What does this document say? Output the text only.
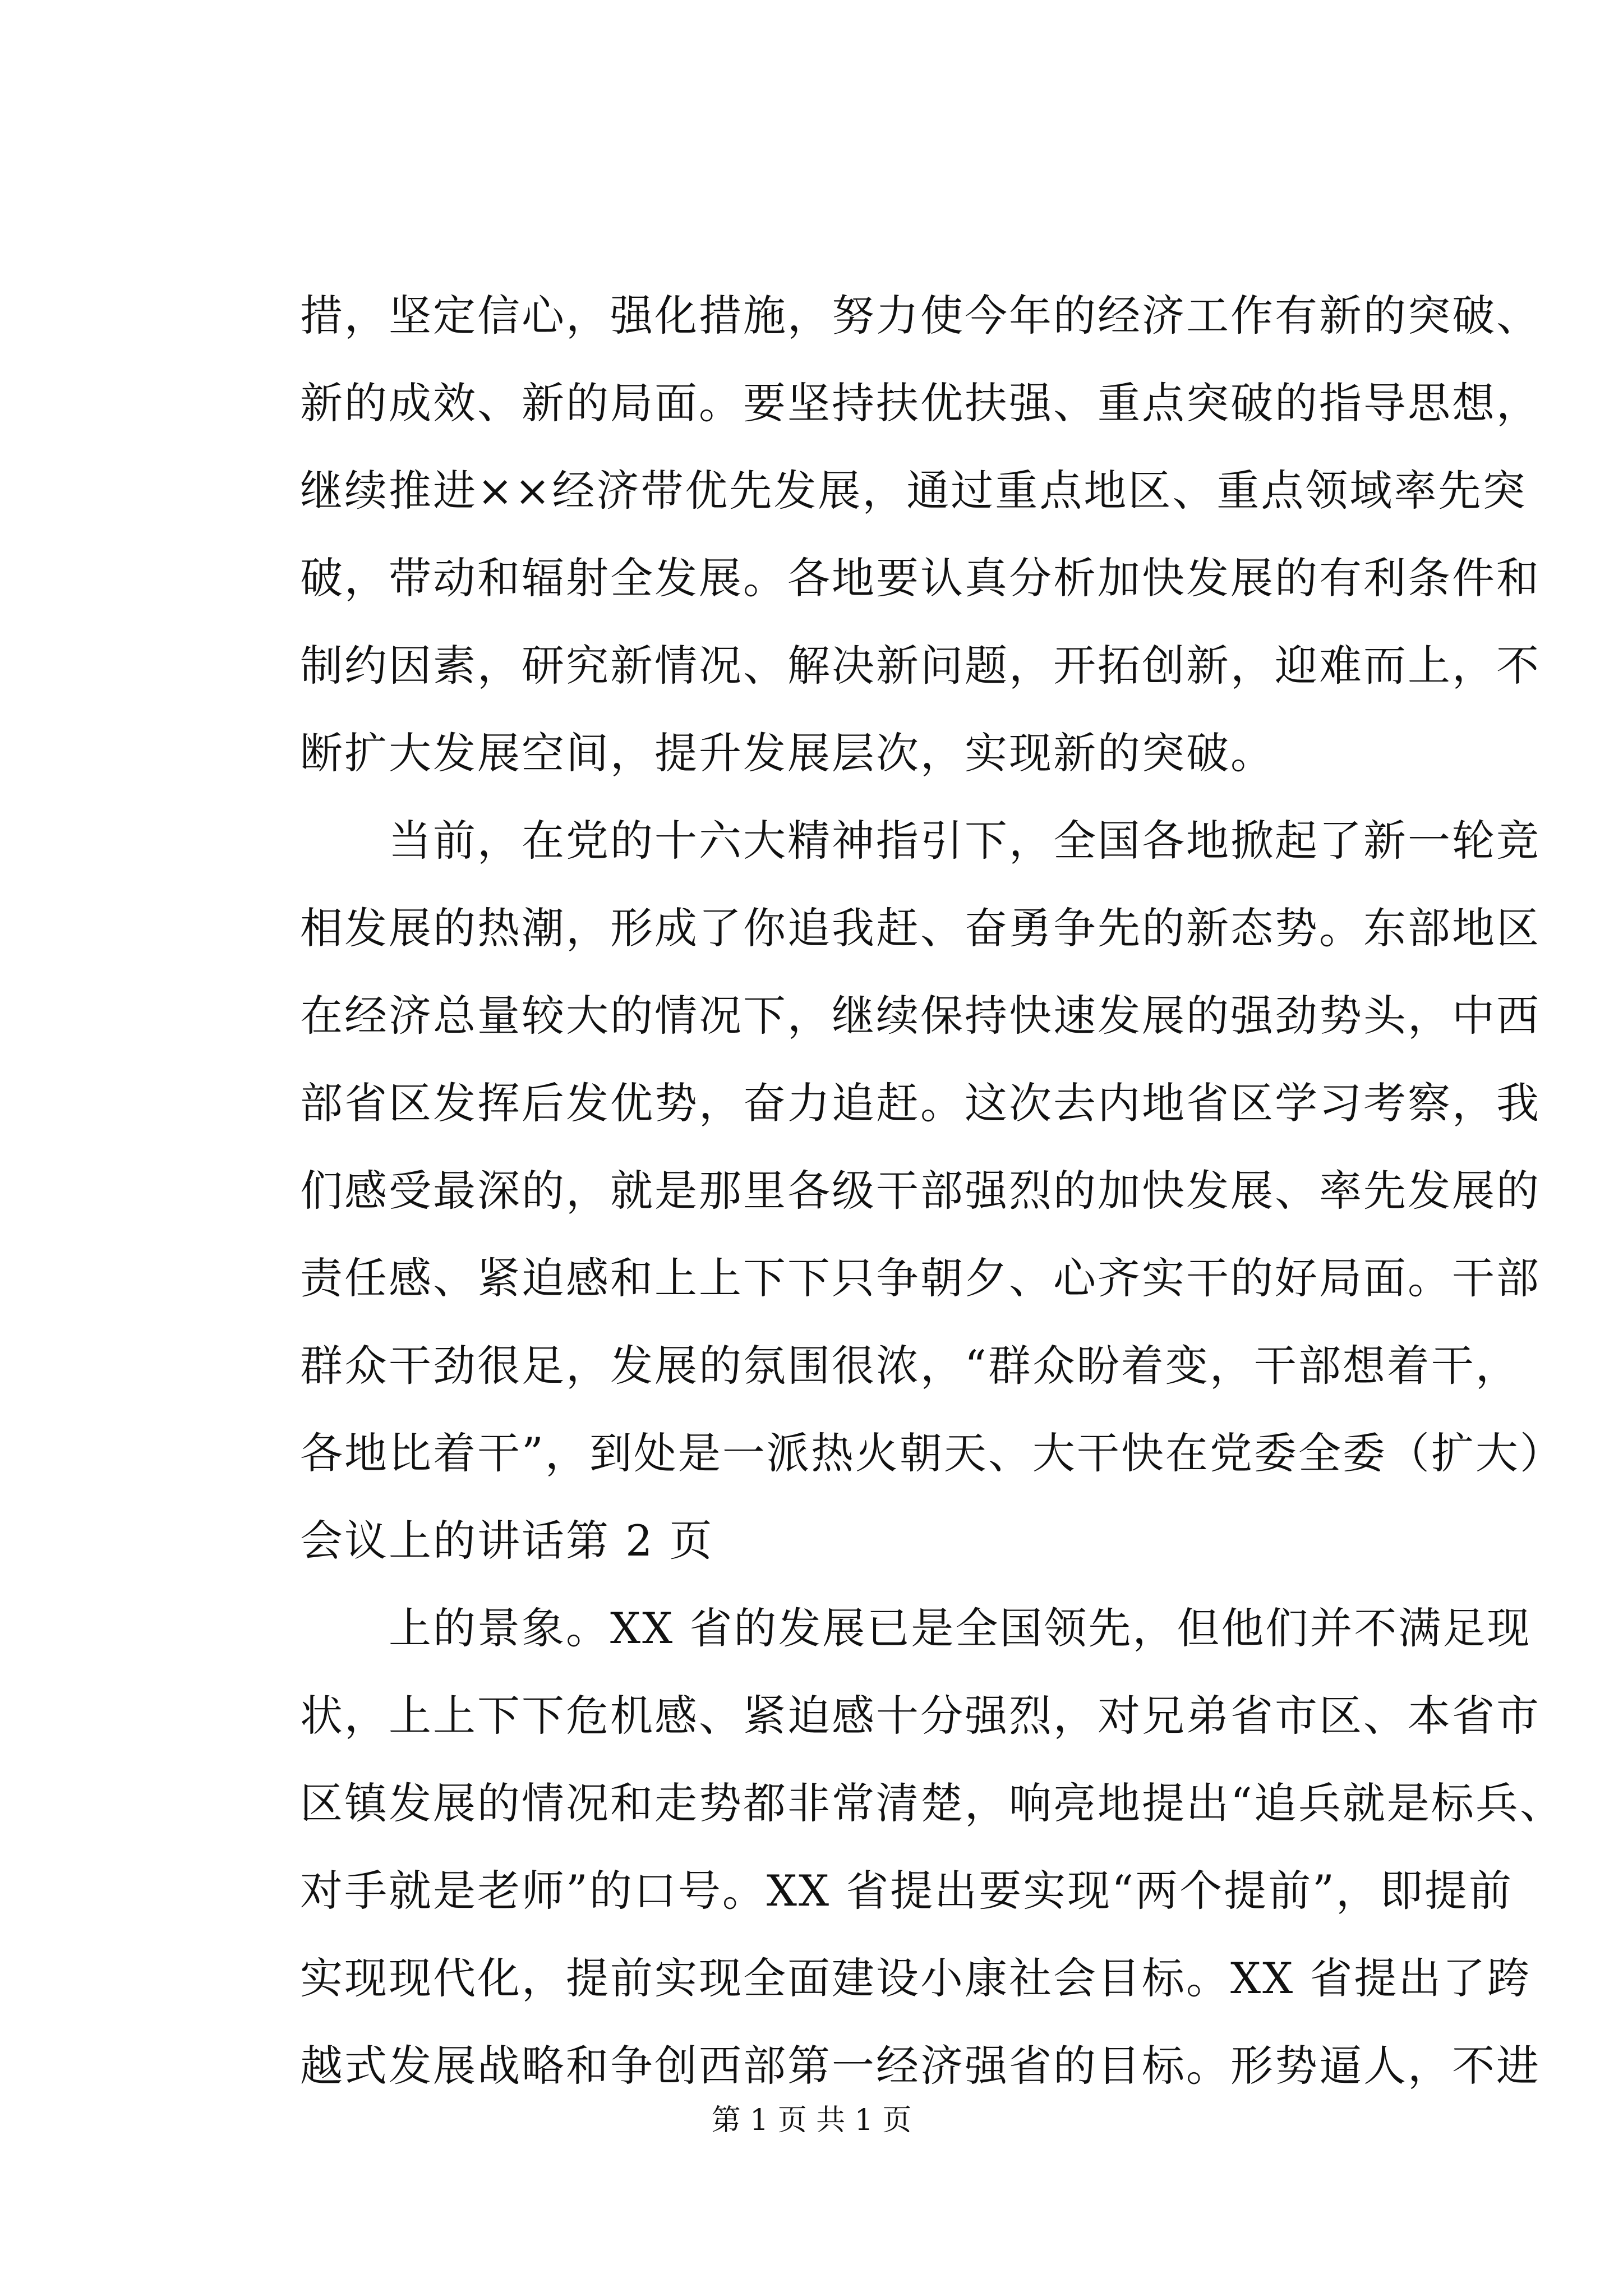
措，坚定信心，强化措施，努力使今年的经济工作有新的突破、
新的成效、新的局面。要坚持扶优扶强、重点突破的指导思想，
继续推进××经济带优先发展，通过重点地区、重点领域率先突
破，带动和辐射全发展。各地要认真分析加快发展的有利条件和
制约因素，研究新情况、解决新问题，开拓创新，迎难而上，不
断扩大发展空间，提升发展层次，实现新的突破。
当前，在党的十六大精神指引下，全国各地掀起了新一轮竞
相发展的热潮，形成了你追我赶、奋勇争先的新态势。东部地区
在经济总量较大的情况下，继续保持快速发展的强劲势头，中西
部省区发挥后发优势，奋力追赶。这次去内地省区学习考察，我
们感受最深的，就是那里各级干部强烈的加快发展、率先发展的
责任感、紧迫感和上上下下只争朝夕、心齐实干的好局面。干部
群众干劲很足，发展的氛围很浓，“群众盼着变，干部想着干，
各地比着干”，到处是一派热火朝天、大干快在党委全委（扩大）
会议上的讲话第 2 页
上的景象。XX 省的发展已是全国领先，但他们并不满足现
状，上上下下危机感、紧迫感十分强烈，对兄弟省市区、本省市
区镇发展的情况和走势都非常清楚，响亮地提出“追兵就是标兵、
对手就是老师”的口号。XX 省提出要实现“两个提前”，即提前
实现现代化，提前实现全面建设小康社会目标。XX 省提出了跨
越式发展战略和争创西部第一经济强省的目标。形势逼人，不进
第 1 页 共 1 页
